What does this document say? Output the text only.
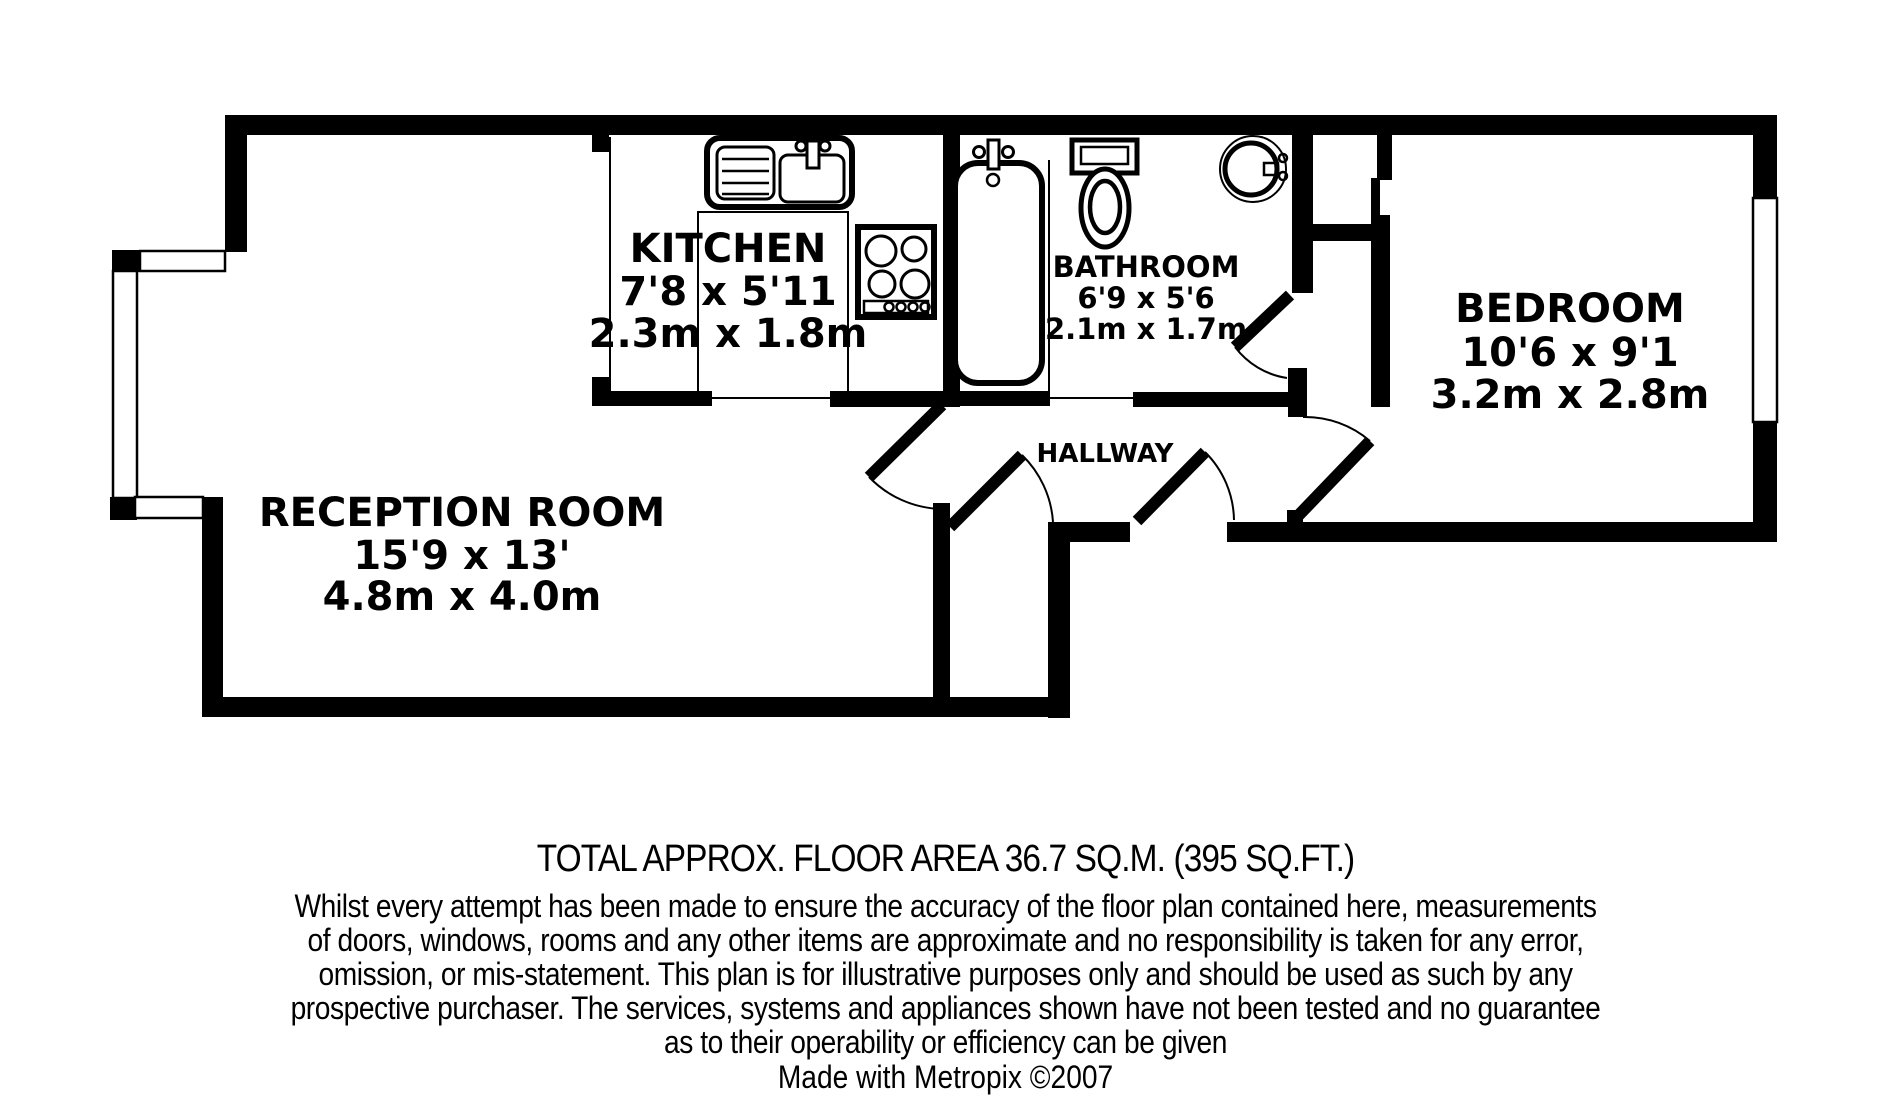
KITCHEN
7'8 x 5'11
2.3m x 1.8m
BATHROOM
6'9 x 5'6
2.1m x 1.7m	BEDROOM
10'6 x 9'1
3.2m x 2.8m
RECEPTION ROOM
15'9 x 13'
4.8m x 4.0m
HALLWAY
TOTAL APPROX. FLOOR AREA 36.7 SQ.M. (395 SQ.FT.)
Whilst every attempt has been made to ensure the accuracy of the floor plan contained here, measurements
of doors, windows, rooms and any other items are approximate and no responsibility is taken for any error,
omission, or mis-statement. This plan is for illustrative purposes only and should be used as such by any
prospective purchaser. The services, systems and appliances shown have not been tested and no guarantee
as to their operability or efficiency can be given
Made with Metropix ©2007
